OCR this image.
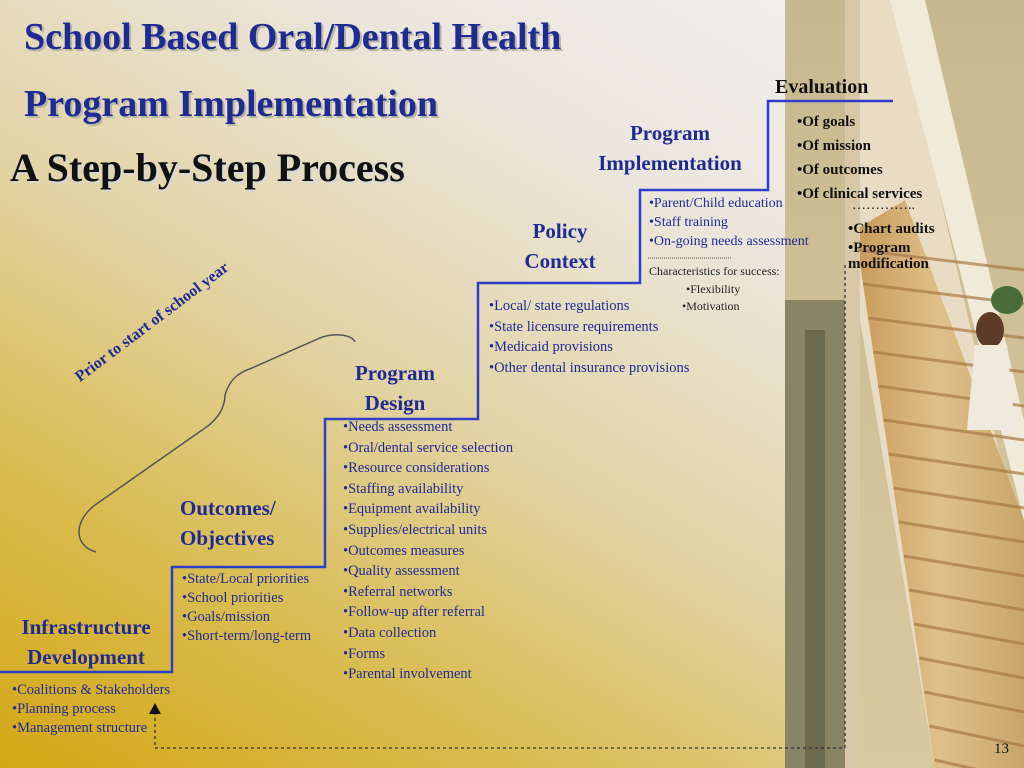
School Based Oral/Dental Health
Program Implementation
A Step-by-Step Process
Prior to start of school year
Infrastructure
Development
• Coalitions & Stakeholders
• Planning process
• Management structure
Outcomes/
Objectives
• State/Local priorities
• School priorities
• Goals/mission
• Short-term/long-term
Program
Design
• Needs assessment
• Oral/dental service selection
• Resource considerations
• Staffing availability
• Equipment availability
• Supplies/electrical units
• Outcomes measures
• Quality assessment
• Referral networks
• Follow-up after referral
• Data collection
• Forms
• Parental involvement
Policy
Context
• Local/ state regulations
• State licensure requirements
• Medicaid provisions
• Other dental insurance provisions
Program
Implementation
• Parent/Child education
• Staff training
• On-going needs assessment
Characteristics for success:
• Flexibility
• Motivation
Evaluation
• Of goals
• Of mission
• Of outcomes
• Of clinical services
…………..
• Chart audits
• Program modification
13
